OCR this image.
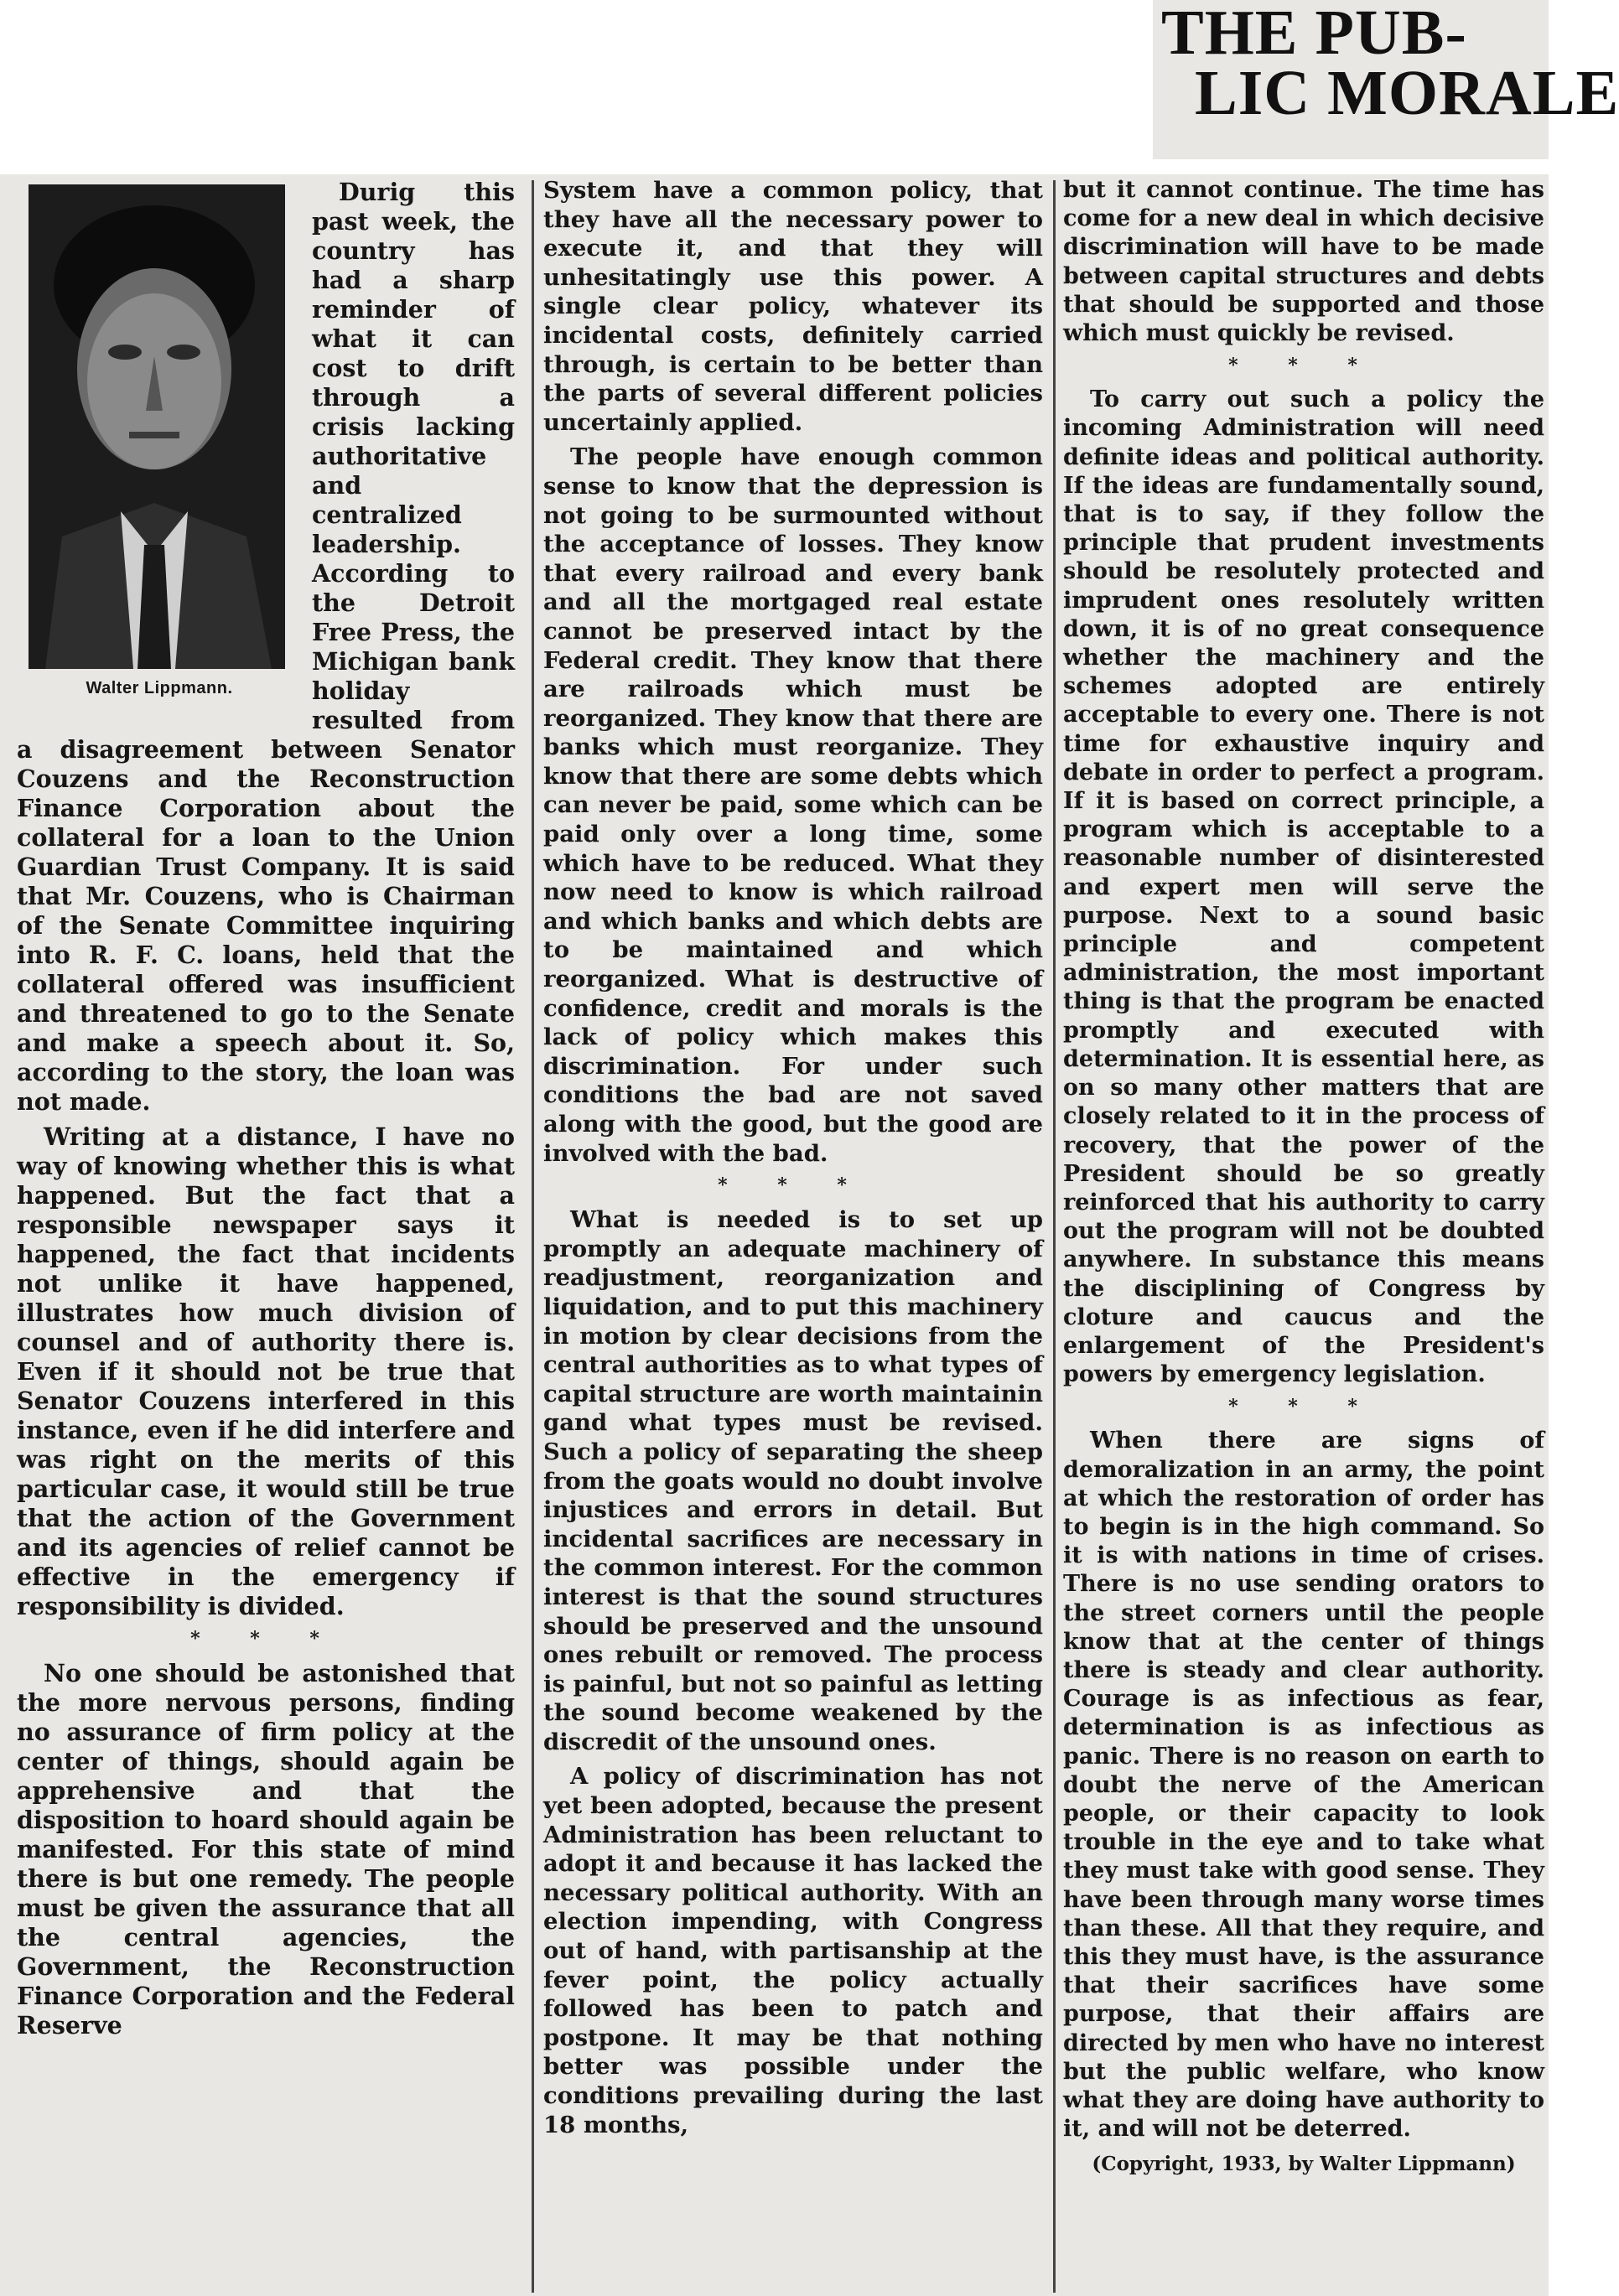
THE PUB-
LIC MORALE
Walter Lippmann.

Durig this past week, the country has had a sharp reminder of what it can cost to drift through a crisis lacking authoritative and centralized leadership. According to the Detroit Free Press, the Michigan bank holiday resulted from a disagreement between Senator Couzens and the Reconstruction Finance Corporation about the collateral for a loan to the Union Guardian Trust Company. It is said that Mr. Couzens, who is Chairman of the Senate Committee inquiring into R. F. C. loans, held that the collateral offered was insufficient and threatened to go to the Senate and make a speech about it. So, according to the story, the loan was not made.

Writing at a distance, I have no way of knowing whether this is what happened. But the fact that a responsible newspaper says it happened, the fact that incidents not unlike it have happened, illustrates how much division of counsel and of authority there is. Even if it should not be true that Senator Couzens interfered in this instance, even if he did interfere and was right on the merits of this particular case, it would still be true that the action of the Government and its agencies of relief cannot be effective in the emergency if responsibility is divided.

* * *

No one should be astonished that the more nervous persons, finding no assurance of firm policy at the center of things, should again be apprehensive and that the disposition to hoard should again be manifested. For this state of mind there is but one remedy. The people must be given the assurance that all the central agencies, the Government, the Reconstruction Finance Corporation and the Federal Reserve

System have a common policy, that they have all the necessary power to execute it, and that they will unhesitatingly use this power. A single clear policy, whatever its incidental costs, definitely carried through, is certain to be better than the parts of several different policies uncertainly applied.

The people have enough common sense to know that the depression is not going to be surmounted without the acceptance of losses. They know that every railroad and every bank and all the mortgaged real estate cannot be preserved intact by the Federal credit. They know that there are railroads which must be reorganized. They know that there are banks which must reorganize. They know that there are some debts which can never be paid, some which can be paid only over a long time, some which have to be reduced. What they now need to know is which railroad and which banks and which debts are to be maintained and which reorganized. What is destructive of confidence, credit and morals is the lack of policy which makes this discrimination. For under such conditions the bad are not saved along with the good, but the good are involved with the bad.

* * *

What is needed is to set up promptly an adequate machinery of readjustment, reorganization and liquidation, and to put this machinery in motion by clear decisions from the central authorities as to what types of capital structure are worth maintainin gand what types must be revised. Such a policy of separating the sheep from the goats would no doubt involve injustices and errors in detail. But incidental sacrifices are necessary in the common interest. For the common interest is that the sound structures should be preserved and the unsound ones rebuilt or removed. The process is painful, but not so painful as letting the sound become weakened by the discredit of the unsound ones.

A policy of discrimination has not yet been adopted, because the present Administration has been reluctant to adopt it and because it has lacked the necessary political authority. With an election impending, with Congress out of hand, with partisanship at the fever point, the policy actually followed has been to patch and postpone. It may be that nothing better was possible under the conditions prevailing during the last 18 months,

but it cannot continue. The time has come for a new deal in which decisive discrimination will have to be made between capital structures and debts that should be supported and those which must quickly be revised.

* * *

To carry out such a policy the incoming Administration will need definite ideas and political authority. If the ideas are fundamentally sound, that is to say, if they follow the principle that prudent investments should be resolutely protected and imprudent ones resolutely written down, it is of no great consequence whether the machinery and the schemes adopted are entirely acceptable to every one. There is not time for exhaustive inquiry and debate in order to perfect a program. If it is based on correct principle, a program which is acceptable to a reasonable number of disinterested and expert men will serve the purpose. Next to a sound basic principle and competent administration, the most important thing is that the program be enacted promptly and executed with determination. It is essential here, as on so many other matters that are closely related to it in the process of recovery, that the power of the President should be so greatly reinforced that his authority to carry out the program will not be doubted anywhere. In substance this means the disciplining of Congress by cloture and caucus and the enlargement of the President's powers by emergency legislation.

* * *

When there are signs of demoralization in an army, the point at which the restoration of order has to begin is in the high command. So it is with nations in time of crises. There is no use sending orators to the street corners until the people know that at the center of things there is steady and clear authority. Courage is as infectious as fear, determination is as infectious as panic. There is no reason on earth to doubt the nerve of the American people, or their capacity to look trouble in the eye and to take what they must take with good sense. They have been through many worse times than these. All that they require, and this they must have, is the assurance that their sacrifices have some purpose, that their affairs are directed by men who have no interest but the public welfare, who know what they are doing have authority to it, and will not be deterred.

(Copyright, 1933, by Walter Lippmann)
